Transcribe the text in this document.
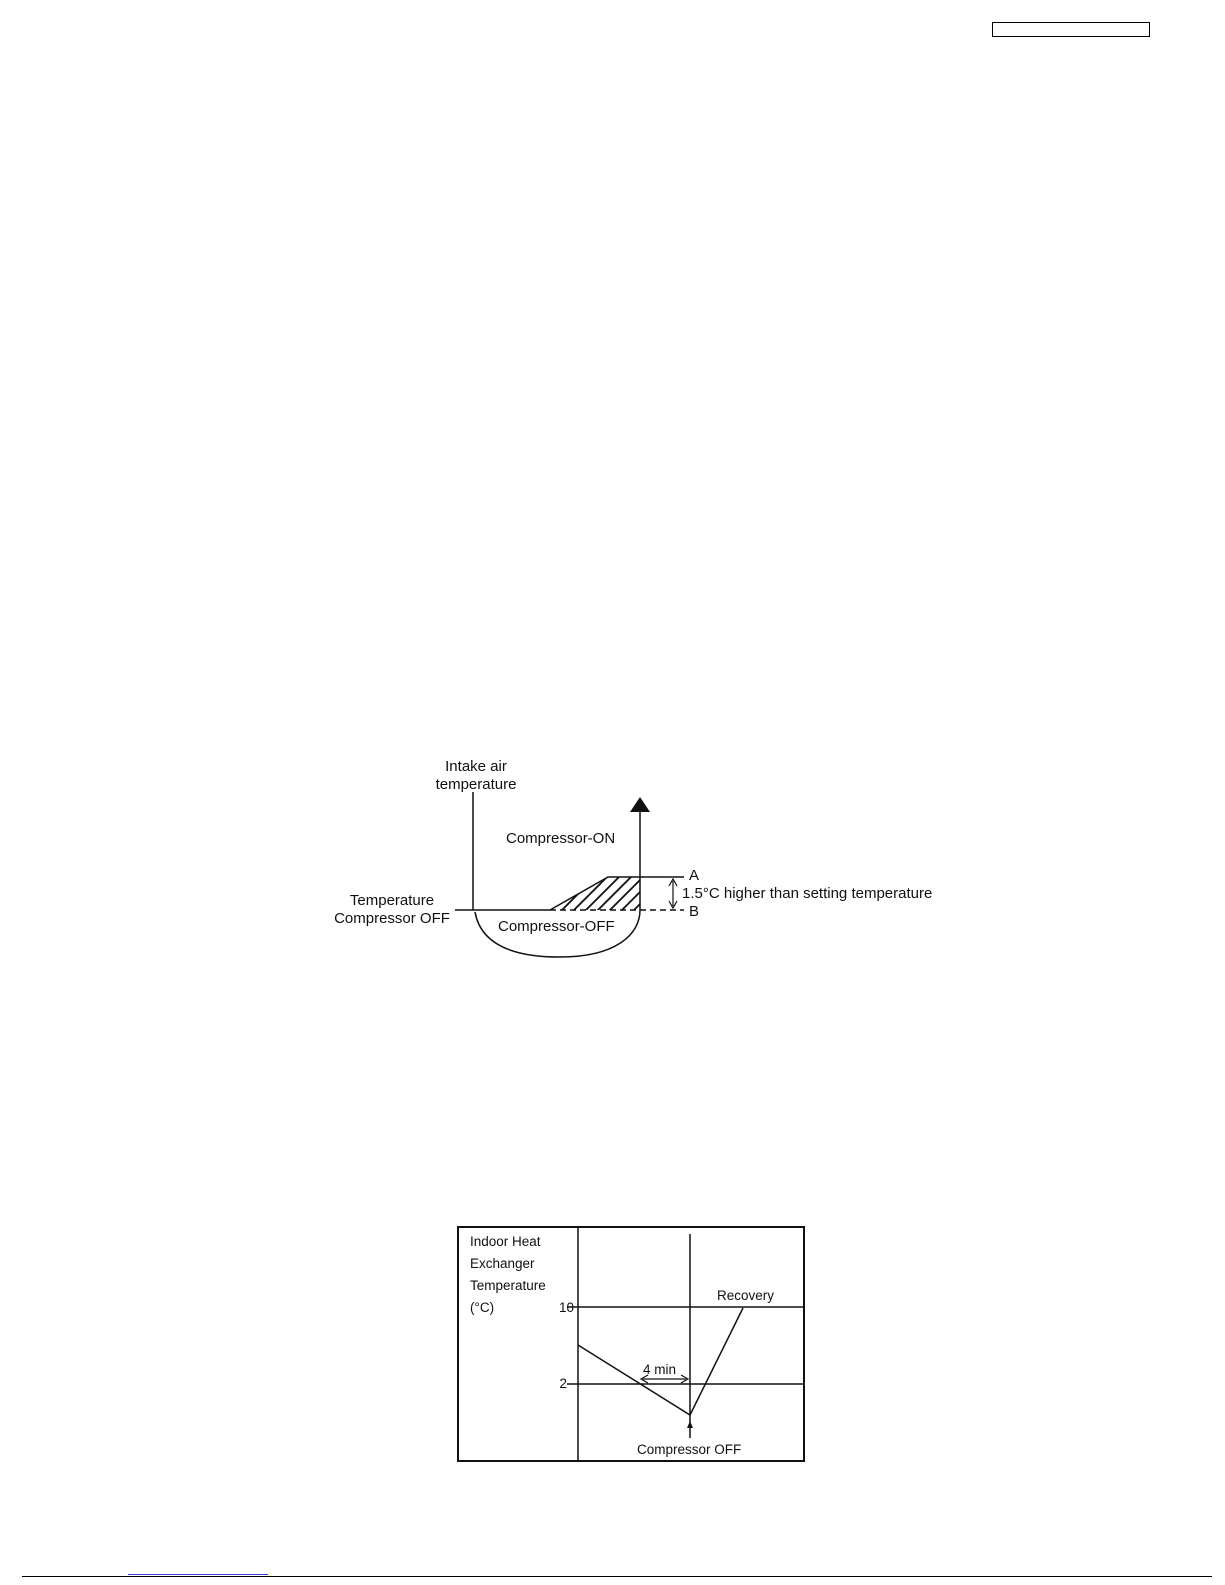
Intake air
temperature
Compressor-ON
Temperature
Compressor OFF	Compressor-OFF
A
B
1.5°C higher than setting temperature
Indoor Heat
Exchanger
Temperature
(°C)	10
2
4 min
Recovery
Compressor OFF
